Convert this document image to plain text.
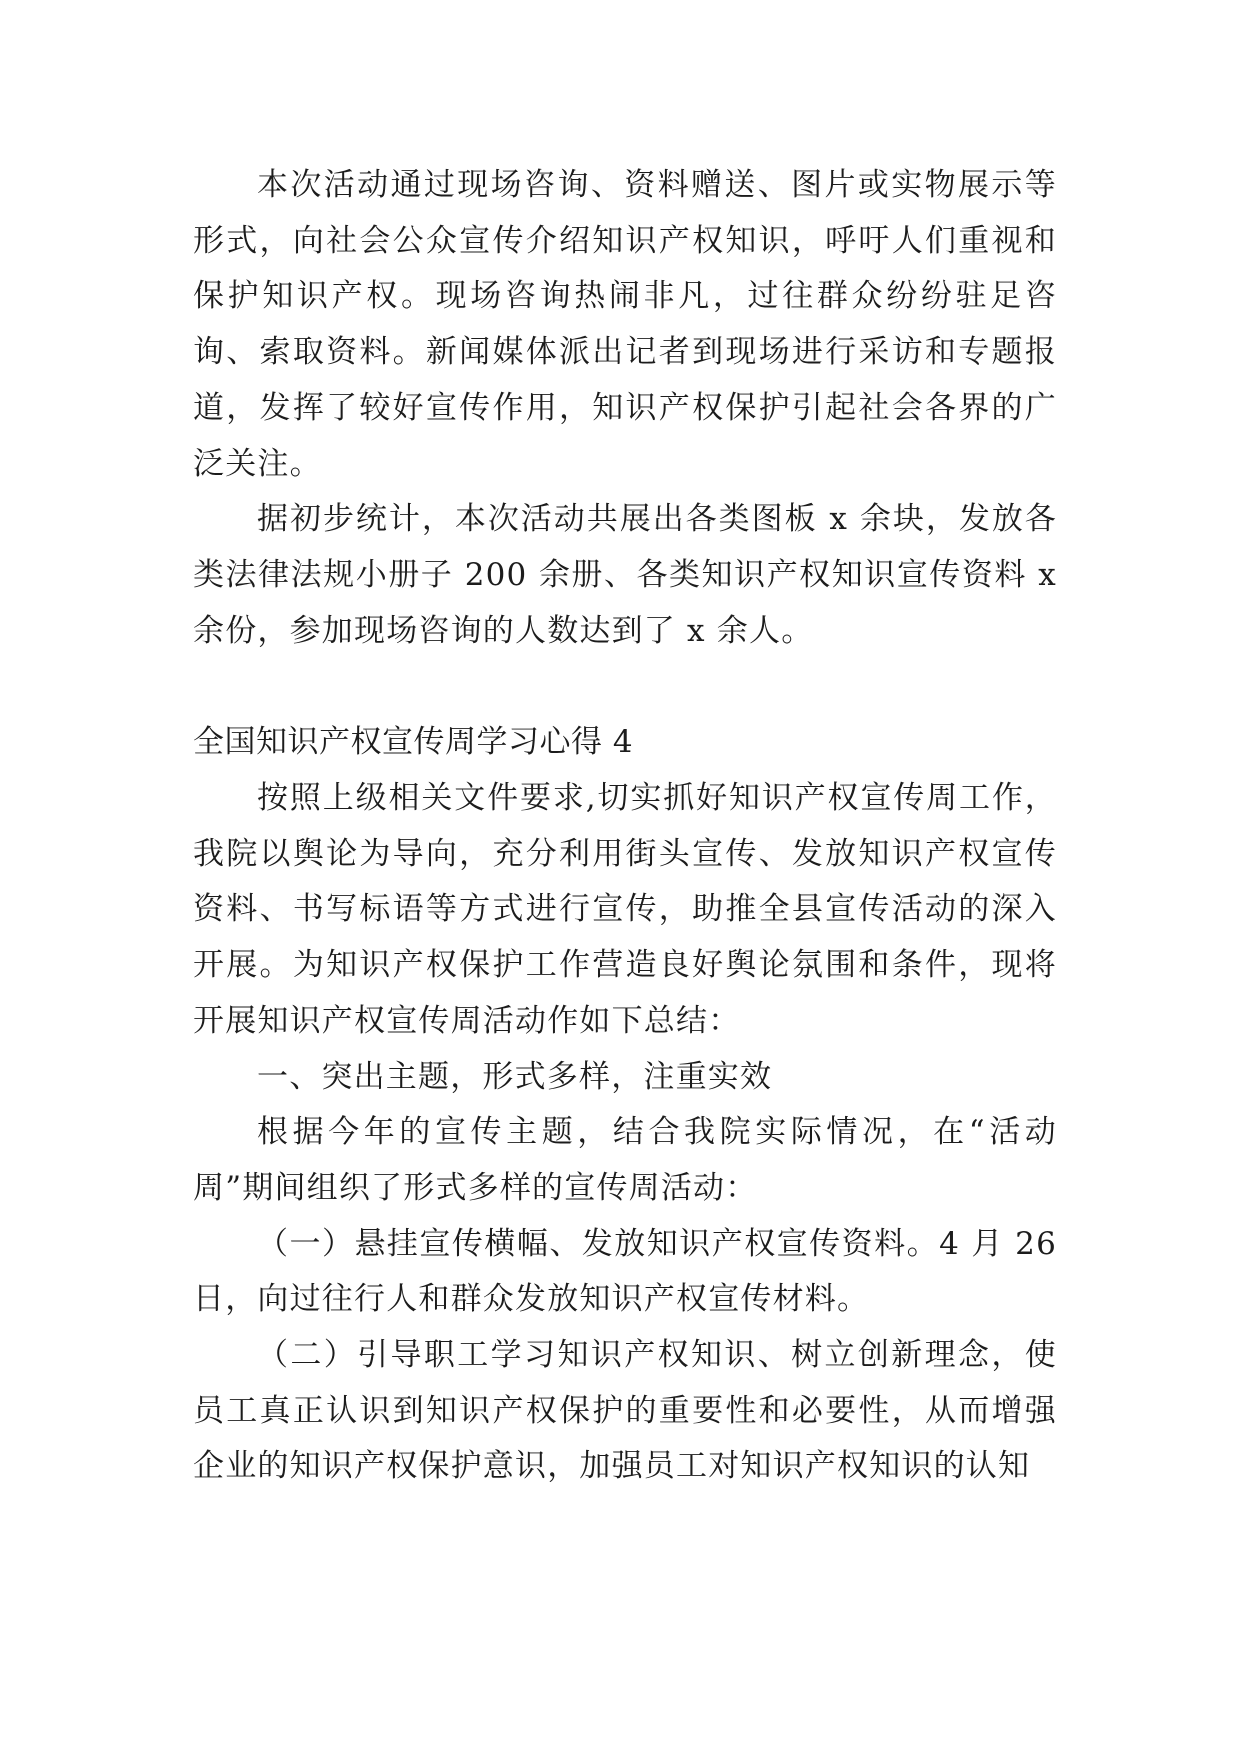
本次活动通过现场咨询、资料赠送、图片或实物展示等形式，向社会公众宣传介绍知识产权知识，呼吁人们重视和保护知识产权。现场咨询热闹非凡，过往群众纷纷驻足咨询、索取资料。新闻媒体派出记者到现场进行采访和专题报道，发挥了较好宣传作用，知识产权保护引起社会各界的广泛关注。

据初步统计，本次活动共展出各类图板 x 余块，发放各类法律法规小册子 200 余册、各类知识产权知识宣传资料 x 余份，参加现场咨询的人数达到了 x 余人。

全国知识产权宣传周学习心得 4

按照上级相关文件要求,切实抓好知识产权宣传周工作，我院以舆论为导向，充分利用街头宣传、发放知识产权宣传资料、书写标语等方式进行宣传，助推全县宣传活动的深入开展。为知识产权保护工作营造良好舆论氛围和条件，现将开展知识产权宣传周活动作如下总结：

一、突出主题，形式多样，注重实效

根据今年的宣传主题，结合我院实际情况，在“活动周”期间组织了形式多样的宣传周活动：

（一）悬挂宣传横幅、发放知识产权宣传资料。4 月 26 日，向过往行人和群众发放知识产权宣传材料。

（二）引导职工学习知识产权知识、树立创新理念，使员工真正认识到知识产权保护的重要性和必要性，从而增强企业的知识产权保护意识，加强员工对知识产权知识的认知
